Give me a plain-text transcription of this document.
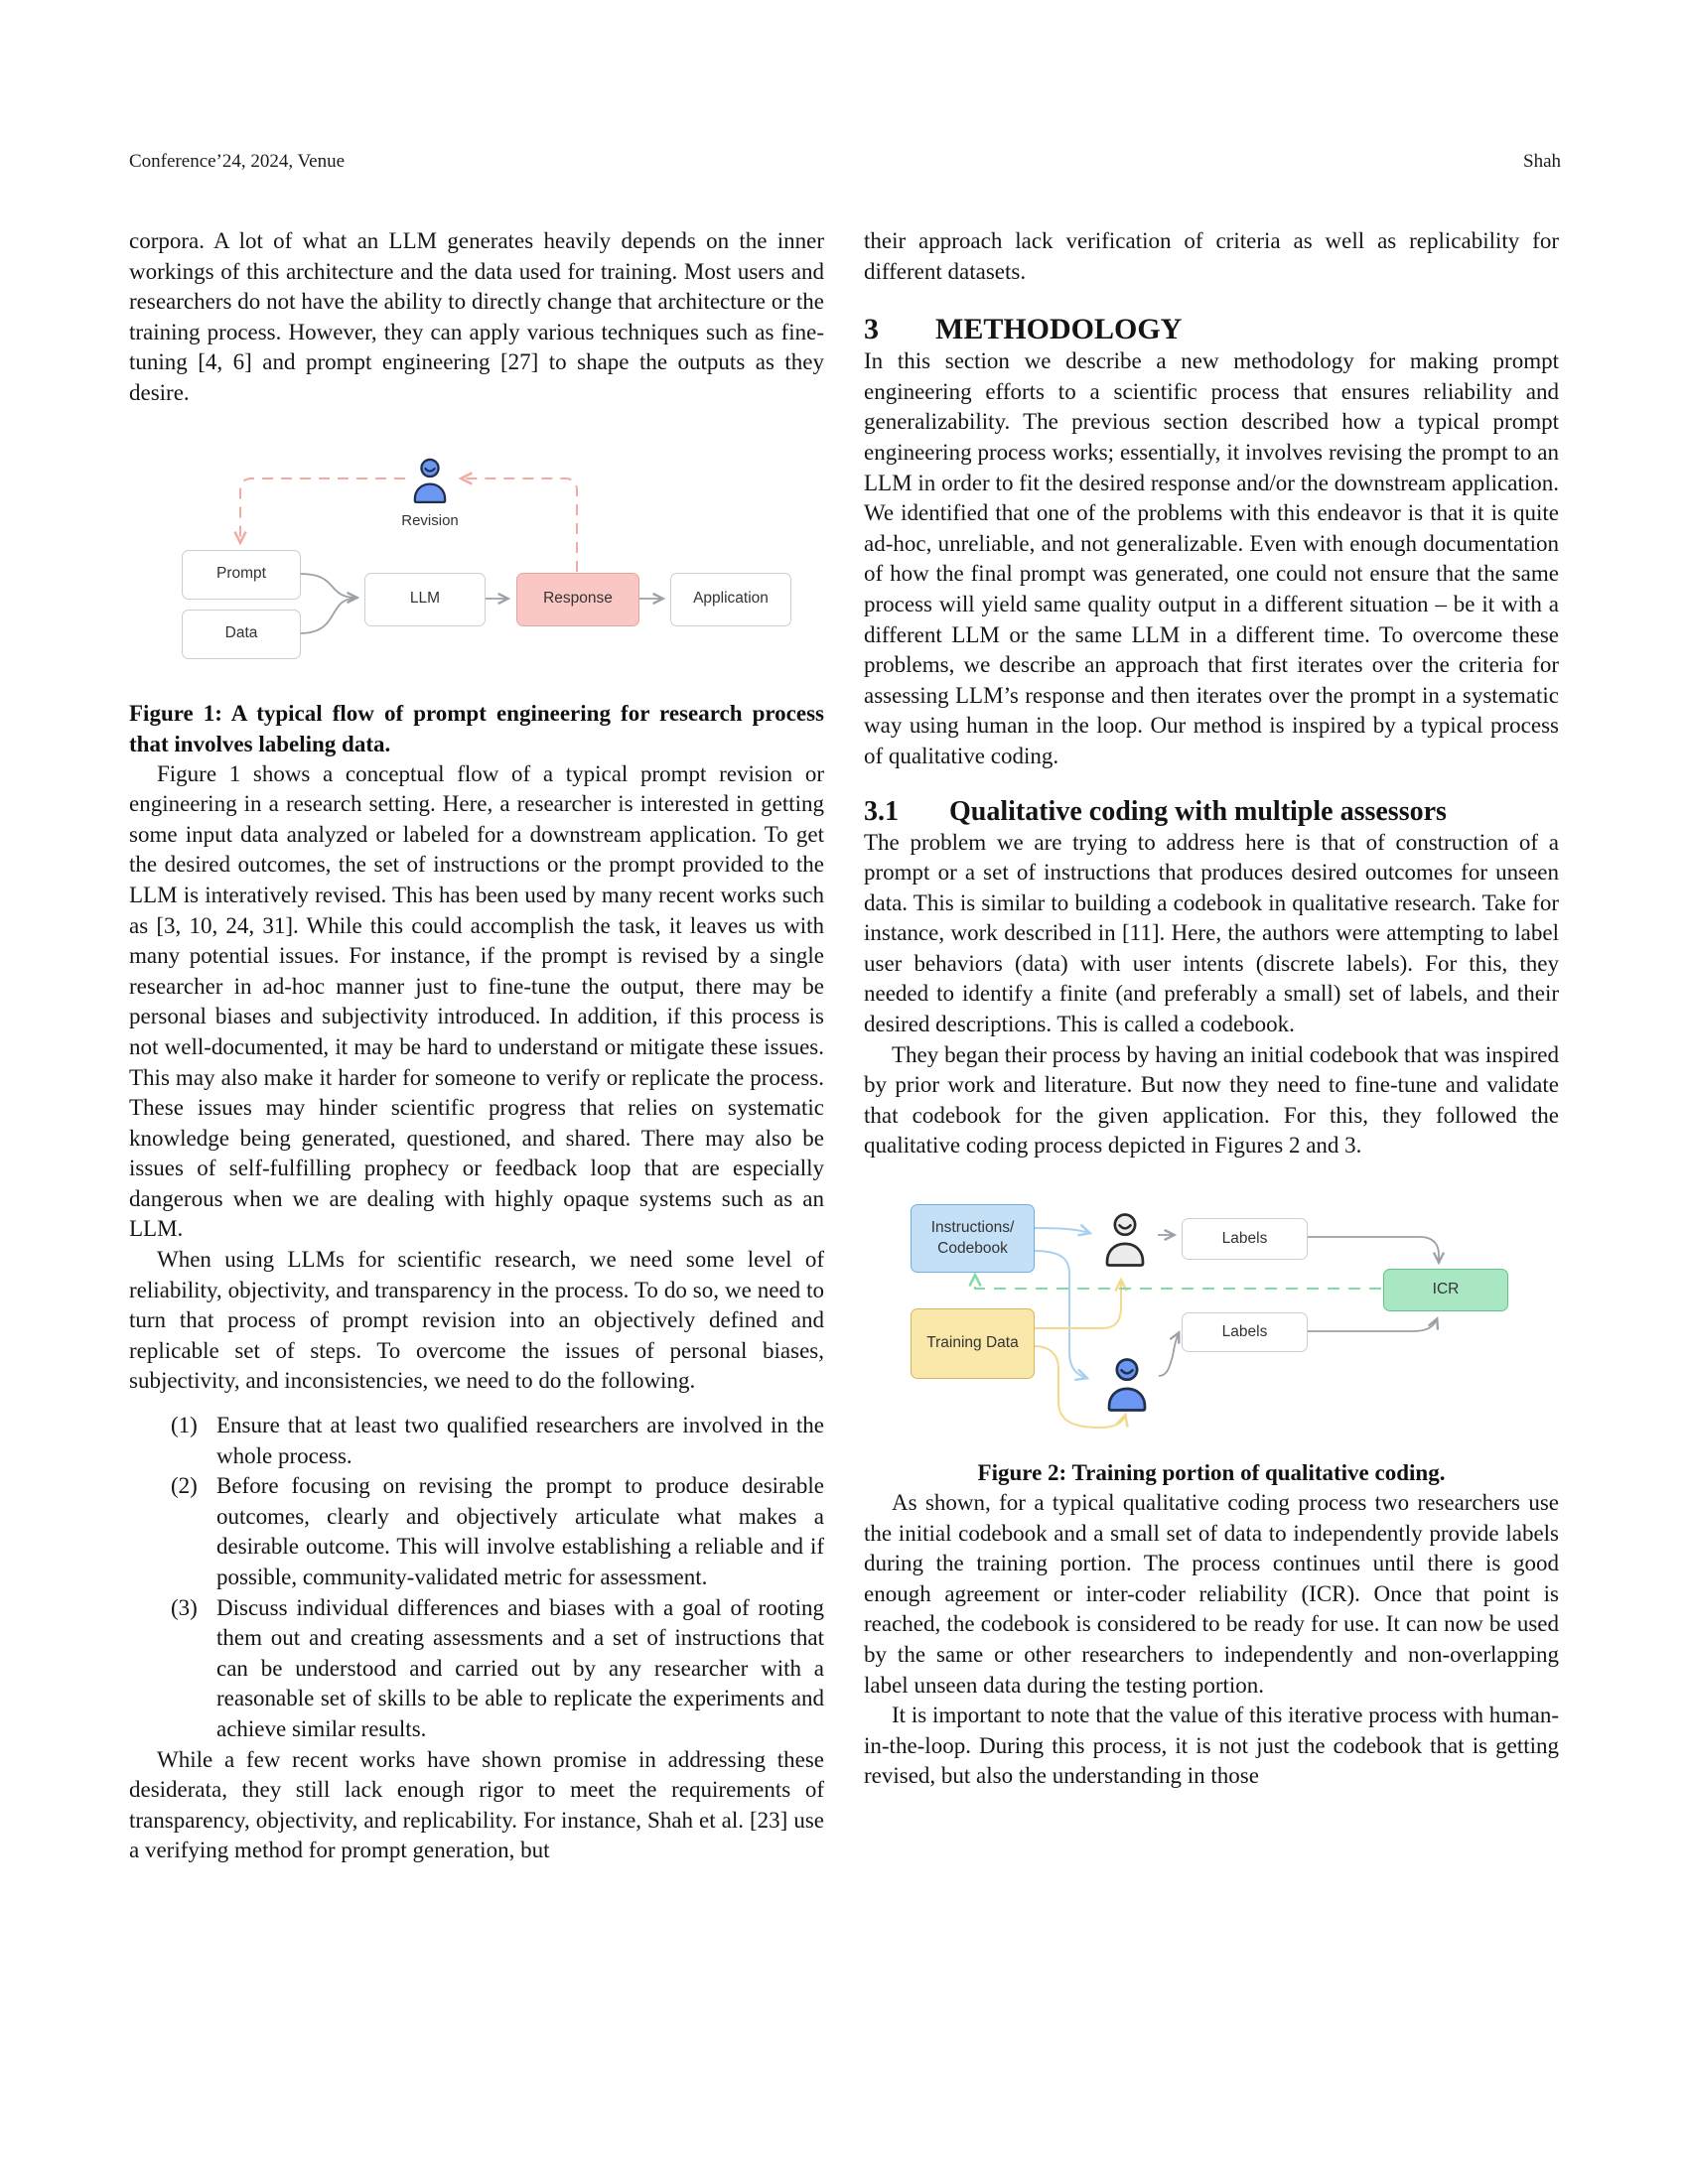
Conference’24, 2024, Venue	Shah

corpora. A lot of what an LLM generates heavily depends on the inner workings of this architecture and the data used for training. Most users and researchers do not have the ability to directly change that architecture or the training process. However, they can apply various techniques such as fine-tuning [4, 6] and prompt engineering [27] to shape the outputs as they desire.

Revision
Prompt
Data
LLM	Response	Application

Figure 1: A typical flow of prompt engineering for research process that involves labeling data.

Figure 1 shows a conceptual flow of a typical prompt revision or engineering in a research setting. Here, a researcher is interested in getting some input data analyzed or labeled for a downstream application. To get the desired outcomes, the set of instructions or the prompt provided to the LLM is interatively revised. This has been used by many recent works such as [3, 10, 24, 31]. While this could accomplish the task, it leaves us with many potential issues. For instance, if the prompt is revised by a single researcher in ad-hoc manner just to fine-tune the output, there may be personal biases and subjectivity introduced. In addition, if this process is not well-documented, it may be hard to understand or mitigate these issues. This may also make it harder for someone to verify or replicate the process. These issues may hinder scientific progress that relies on systematic knowledge being generated, questioned, and shared. There may also be issues of self-fulfilling prophecy or feedback loop that are especially dangerous when we are dealing with highly opaque systems such as an LLM.

When using LLMs for scientific research, we need some level of reliability, objectivity, and transparency in the process. To do so, we need to turn that process of prompt revision into an objectively defined and replicable set of steps. To overcome the issues of personal biases, subjectivity, and inconsistencies, we need to do the following.

(1) Ensure that at least two qualified researchers are involved in the whole process.
(2) Before focusing on revising the prompt to produce desirable outcomes, clearly and objectively articulate what makes a desirable outcome. This will involve establishing a reliable and if possible, community-validated metric for assessment.
(3) Discuss individual differences and biases with a goal of rooting them out and creating assessments and a set of instructions that can be understood and carried out by any researcher with a reasonable set of skills to be able to replicate the experiments and achieve similar results.

While a few recent works have shown promise in addressing these desiderata, they still lack enough rigor to meet the requirements of transparency, objectivity, and replicability. For instance, Shah et al. [23] use a verifying method for prompt generation, but

their approach lack verification of criteria as well as replicability for different datasets.

3	METHODOLOGY

In this section we describe a new methodology for making prompt engineering efforts to a scientific process that ensures reliability and generalizability. The previous section described how a typical prompt engineering process works; essentially, it involves revising the prompt to an LLM in order to fit the desired response and/or the downstream application. We identified that one of the problems with this endeavor is that it is quite ad-hoc, unreliable, and not generalizable. Even with enough documentation of how the final prompt was generated, one could not ensure that the same process will yield same quality output in a different situation – be it with a different LLM or the same LLM in a different time. To overcome these problems, we describe an approach that first iterates over the criteria for assessing LLM’s response and then iterates over the prompt in a systematic way using human in the loop. Our method is inspired by a typical process of qualitative coding.

3.1	Qualitative coding with multiple assessors

The problem we are trying to address here is that of construction of a prompt or a set of instructions that produces desired outcomes for unseen data. This is similar to building a codebook in qualitative research. Take for instance, work described in [11]. Here, the authors were attempting to label user behaviors (data) with user intents (discrete labels). For this, they needed to identify a finite (and preferably a small) set of labels, and their desired descriptions. This is called a codebook.

They began their process by having an initial codebook that was inspired by prior work and literature. But now they need to fine-tune and validate that codebook for the given application. For this, they followed the qualitative coding process depicted in Figures 2 and 3.

Instructions/
Codebook
Training Data
Labels
Labels
ICR

Figure 2: Training portion of qualitative coding.

As shown, for a typical qualitative coding process two researchers use the initial codebook and a small set of data to independently provide labels during the training portion. The process continues until there is good enough agreement or inter-coder reliability (ICR). Once that point is reached, the codebook is considered to be ready for use. It can now be used by the same or other researchers to independently and non-overlapping label unseen data during the testing portion.

It is important to note that the value of this iterative process with human-in-the-loop. During this process, it is not just the codebook that is getting revised, but also the understanding in those
